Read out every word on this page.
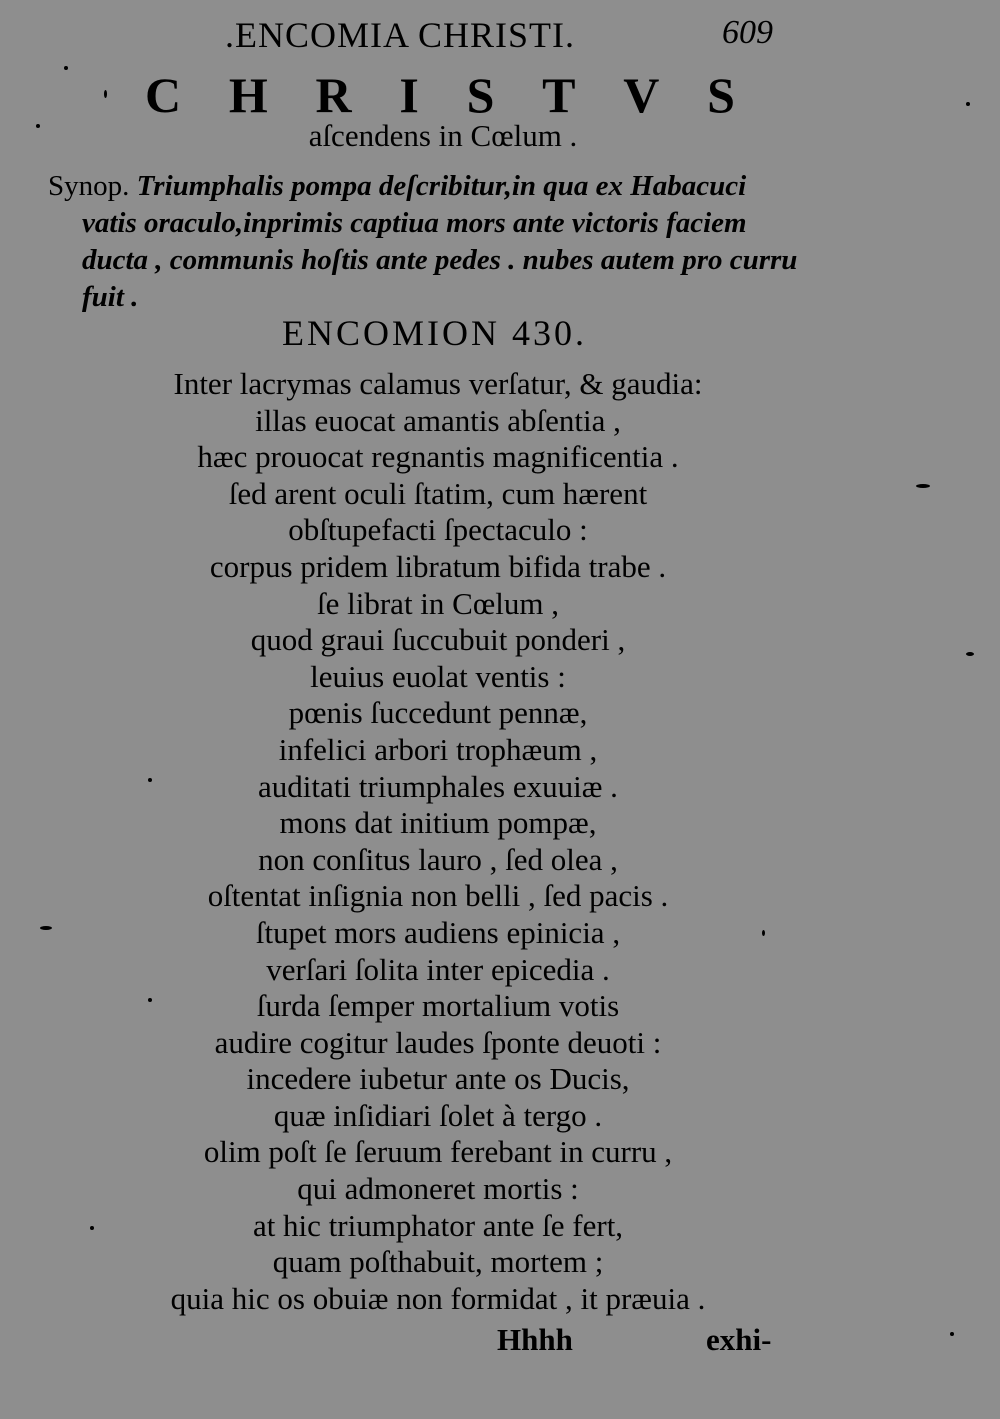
.ENCOMIA CHRISTI.	609
C H R I S T V S
aſcendens in Cœlum .
Synop. Triumphalis pompa deſcribitur,in qua ex Habacuci
vatis oraculo,inprimis captiua mors ante victoris faciem
ducta , communis hoſtis ante pedes . nubes autem pro curru
fuit .
ENCOMION 430.
Inter lacrymas calamus verſatur, & gaudia:
illas euocat amantis abſentia ,
hæc prouocat regnantis magnificentia .
ſed arent oculi ſtatim, cum hærent
obſtupefacti ſpectaculo :
corpus pridem libratum bifida trabe .
ſe librat in Cœlum ,
quod graui ſuccubuit ponderi ,
leuius euolat ventis :
pœnis ſuccedunt pennæ,
infelici arbori trophæum ,
auditati triumphales exuuiæ .
mons dat initium pompæ,
non conſitus lauro , ſed olea ,
oſtentat inſignia non belli , ſed pacis .
ſtupet mors audiens epinicia ,
verſari ſolita inter epicedia .
ſurda ſemper mortalium votis
audire cogitur laudes ſponte deuoti :
incedere iubetur ante os Ducis,
quæ inſidiari ſolet à tergo .
olim poſt ſe ſeruum ferebant in curru ,
qui admoneret mortis :
at hic triumphator ante ſe fert,
quam poſthabuit, mortem ;
quia hic os obuiæ non formidat , it præuia .
Hhhh	exhi-
